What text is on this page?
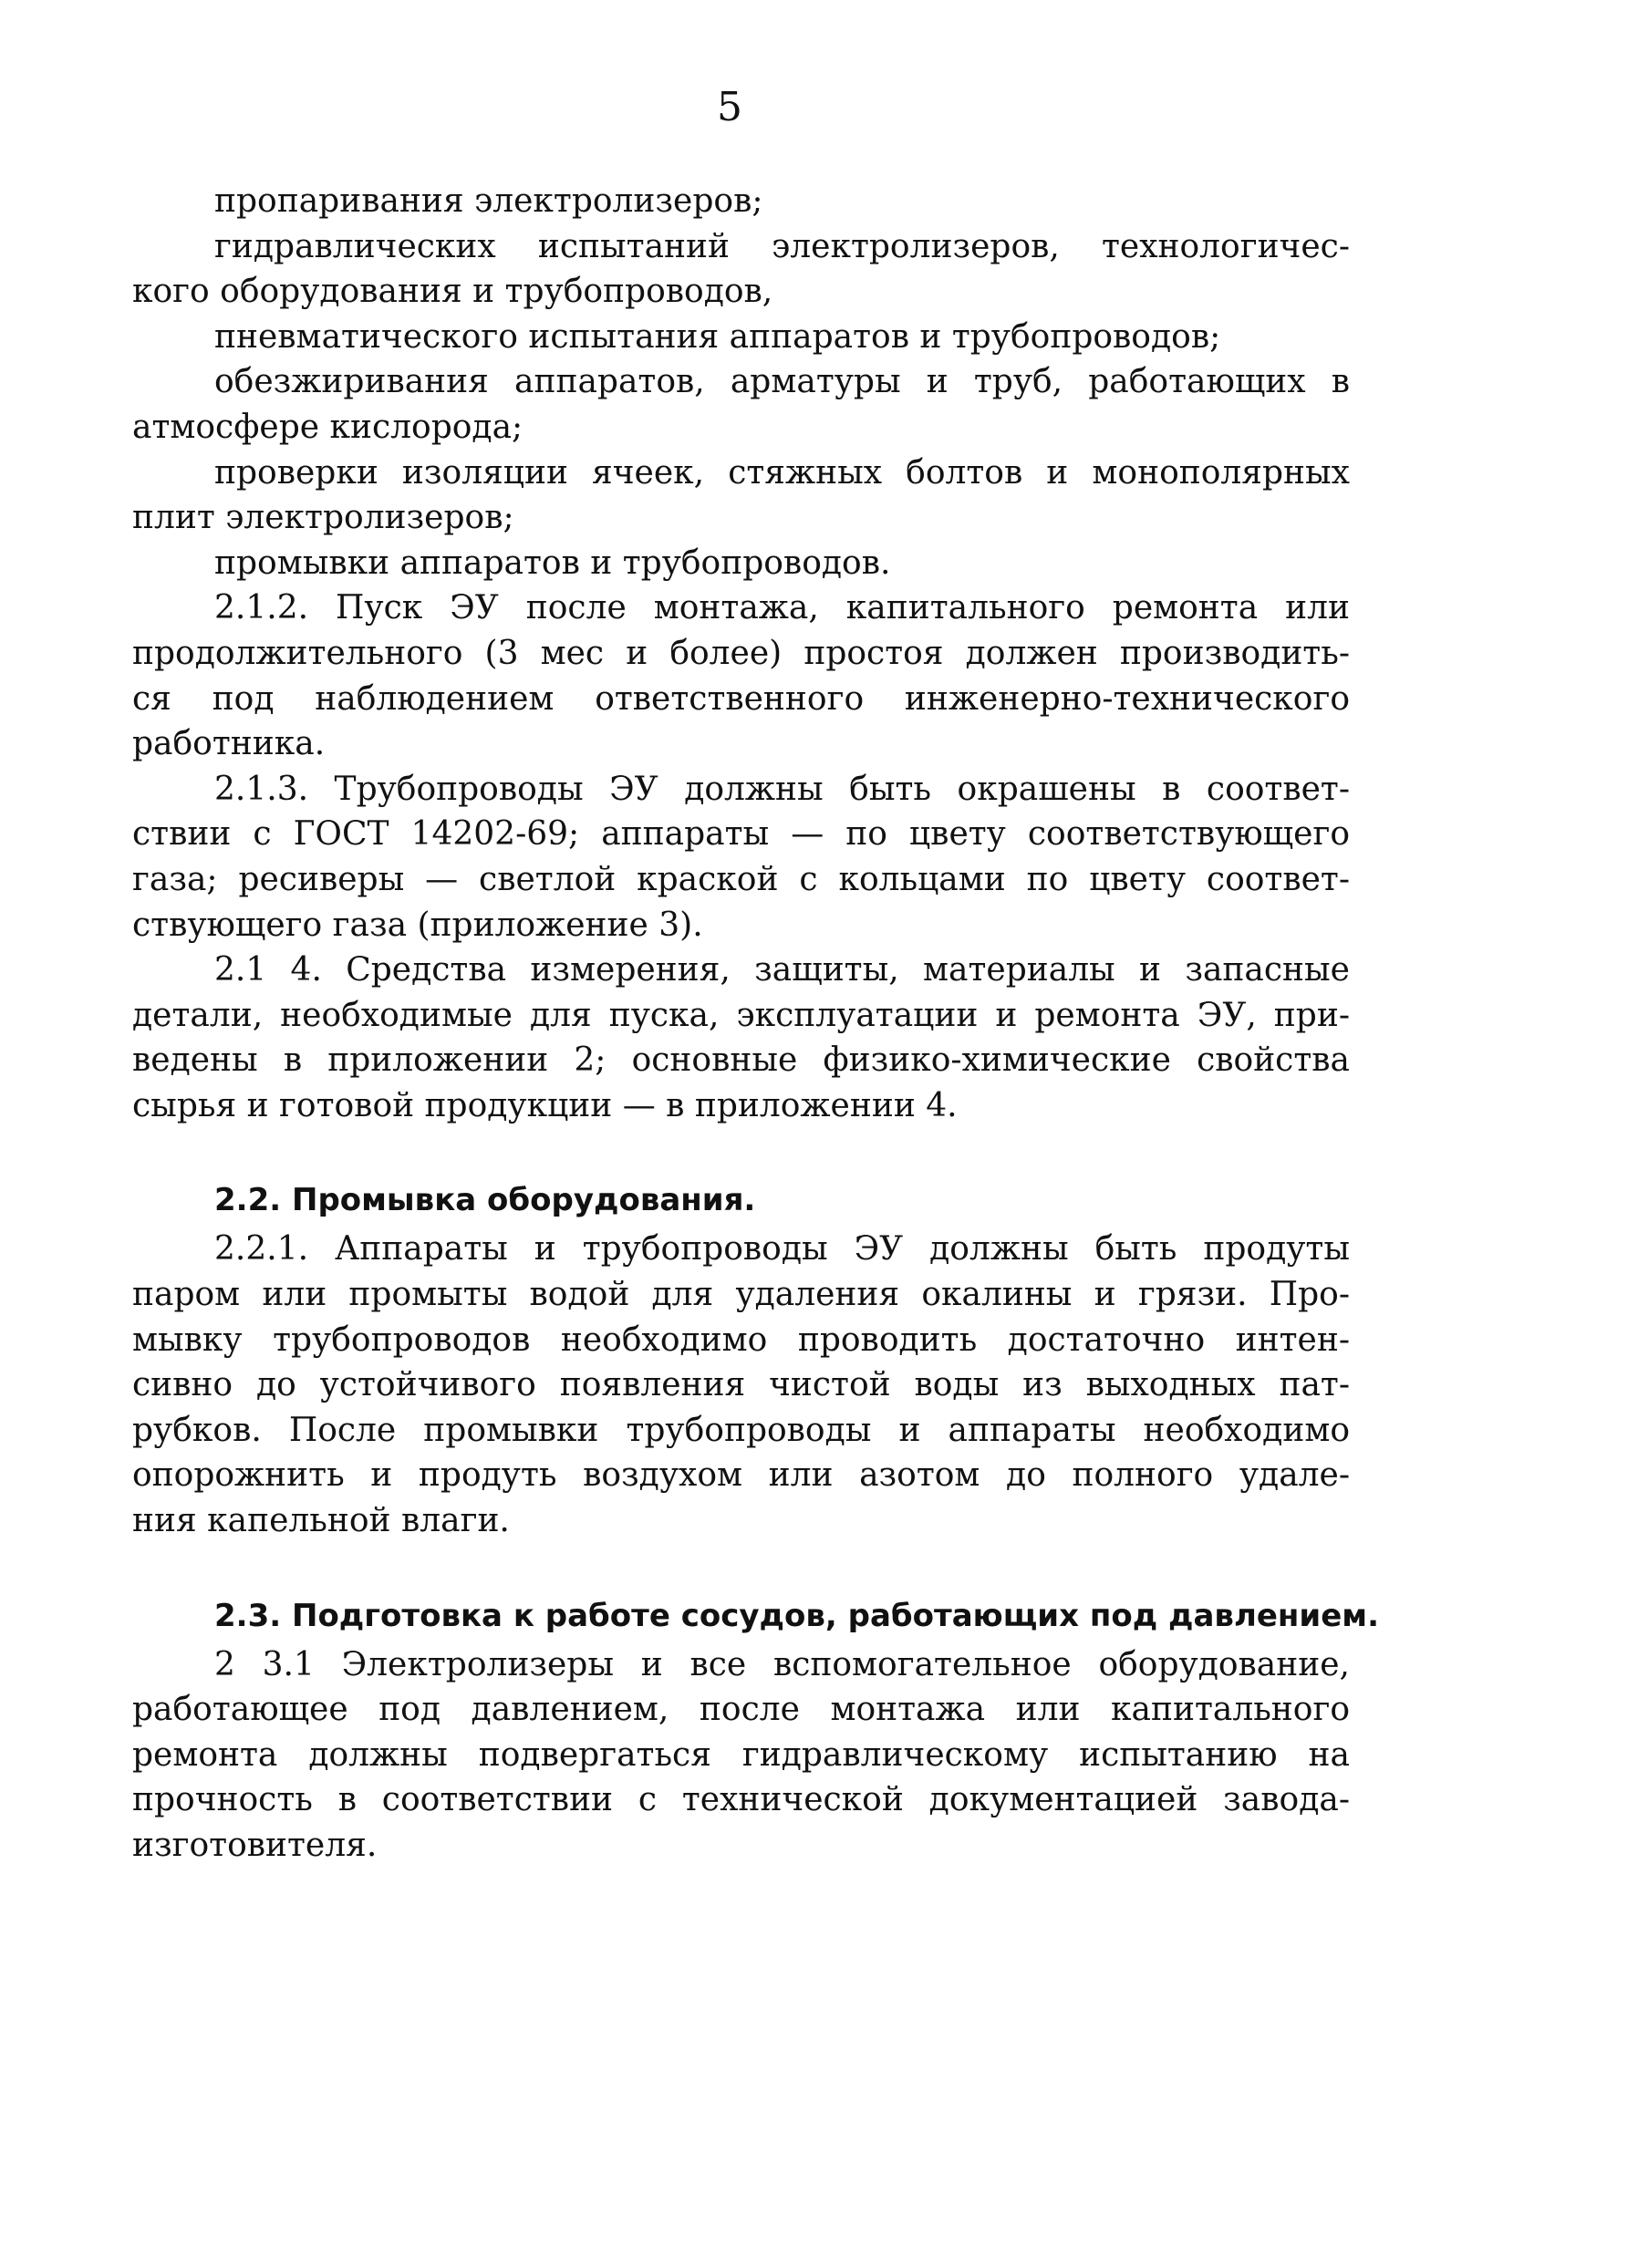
5
пропаривания электролизеров;
гидравлических испытаний электролизеров, технологичес-
кого оборудования и трубопроводов,
пневматического испытания аппаратов и трубопроводов;
обезжиривания аппаратов, арматуры и труб, работающих в
атмосфере кислорода;
проверки изоляции ячеек, стяжных болтов и монополярных
плит электролизеров;
промывки аппаратов и трубопроводов.
2.1.2. Пуск ЭУ после монтажа, капитального ремонта или
продолжительного (3 мес и более) простоя должен производить-
ся под наблюдением ответственного инженерно-технического
работника.
2.1.3. Трубопроводы ЭУ должны быть окрашены в соответ-
ствии с ГОСТ 14202-69; аппараты — по цвету соответствующего
газа; ресиверы — светлой краской с кольцами по цвету соответ-
ствующего газа (приложение 3).
2.1 4. Средства измерения, защиты, материалы и запасные
детали, необходимые для пуска, эксплуатации и ремонта ЭУ, при-
ведены в приложении 2; основные физико-химические свойства
сырья и готовой продукции — в приложении 4.
2.2. Промывка оборудования.
2.2.1. Аппараты и трубопроводы ЭУ должны быть продуты
паром или промыты водой для удаления окалины и грязи. Про-
мывку трубопроводов необходимо проводить достаточно интен-
сивно до устойчивого появления чистой воды из выходных пат-
рубков. После промывки трубопроводы и аппараты необходимо
опорожнить и продуть воздухом или азотом до полного удале-
ния капельной влаги.
2.3. Подготовка к работе сосудов, работающих под давлением.
2 3.1 Электролизеры и все вспомогательное оборудование,
работающее под давлением, после монтажа или капитального
ремонта должны подвергаться гидравлическому испытанию на
прочность в соответствии с технической документацией завода-
изготовителя.
